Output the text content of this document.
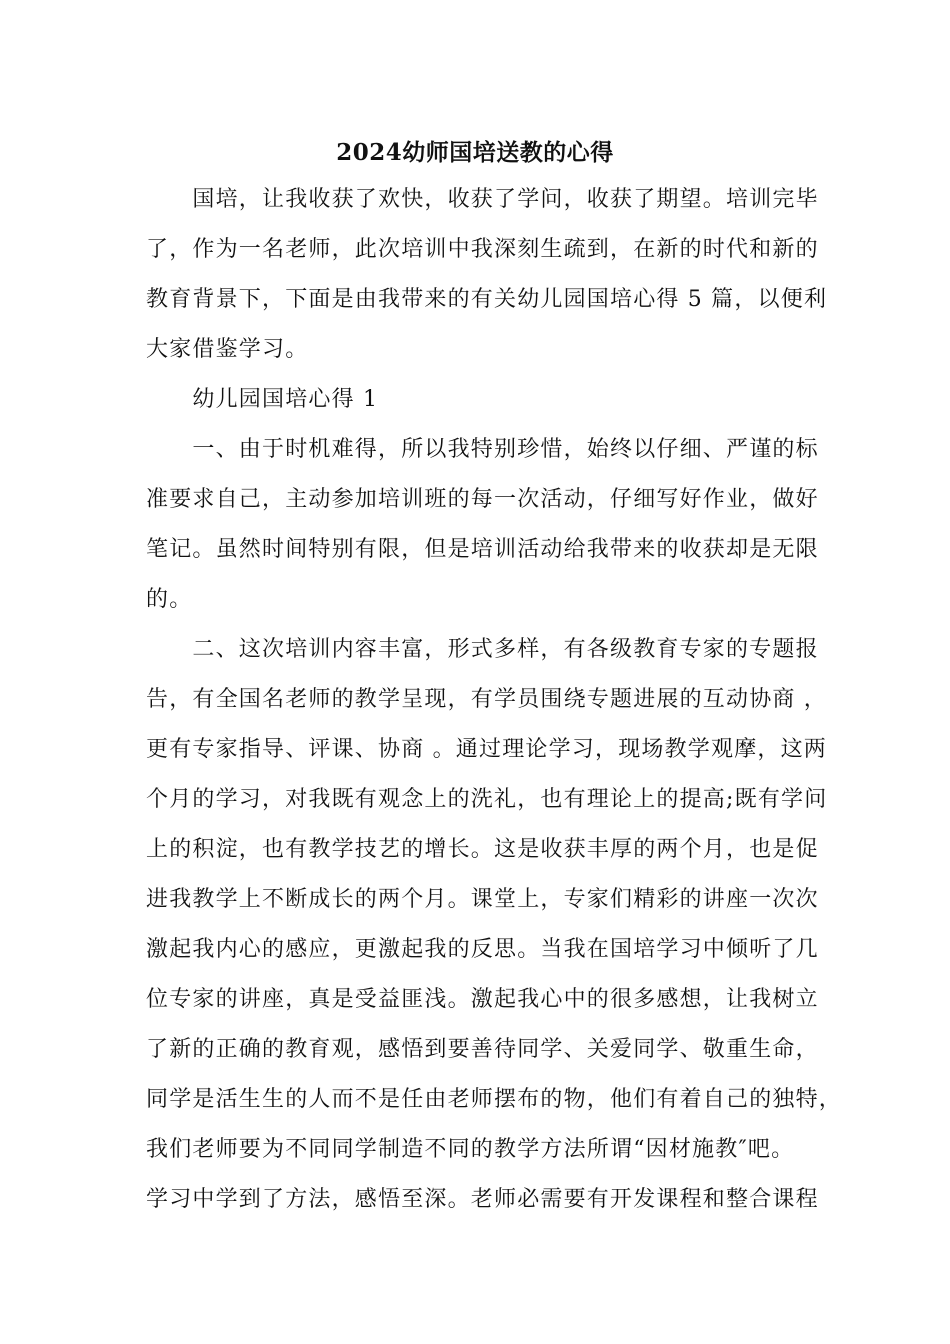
2024幼师国培送教的心得
　　国培，让我收获了欢快，收获了学问，收获了期望。培训完毕
了，作为一名老师，此次培训中我深刻生疏到，在新的时代和新的
教育背景下，下面是由我带来的有关幼儿园国培心得 5 篇，以便利
大家借鉴学习。
　　幼儿园国培心得 1
　　一、由于时机难得，所以我特别珍惜，始终以仔细、严谨的标
准要求自己，主动参加培训班的每一次活动，仔细写好作业，做好
笔记。虽然时间特别有限，但是培训活动给我带来的收获却是无限
的。
　　二、这次培训内容丰富，形式多样，有各级教育专家的专题报
告，有全国名老师的教学呈现，有学员围绕专题进展的互动协商 ，
更有专家指导、评课、协商 。通过理论学习，现场教学观摩，这两
个月的学习，对我既有观念上的洗礼，也有理论上的提高;既有学问
上的积淀，也有教学技艺的增长。这是收获丰厚的两个月，也是促
进我教学上不断成长的两个月。课堂上，专家们精彩的讲座一次次
激起我内心的感应，更激起我的反思。当我在国培学习中倾听了几
位专家的讲座，真是受益匪浅。激起我心中的很多感想，让我树立
了新的正确的教育观，感悟到要善待同学、关爱同学、敬重生命，
同学是活生生的人而不是任由老师摆布的物，他们有着自己的独特，
我们老师要为不同同学制造不同的教学方法所谓“因材施教″吧。
学习中学到了方法，感悟至深。老师必需要有开发课程和整合课程
